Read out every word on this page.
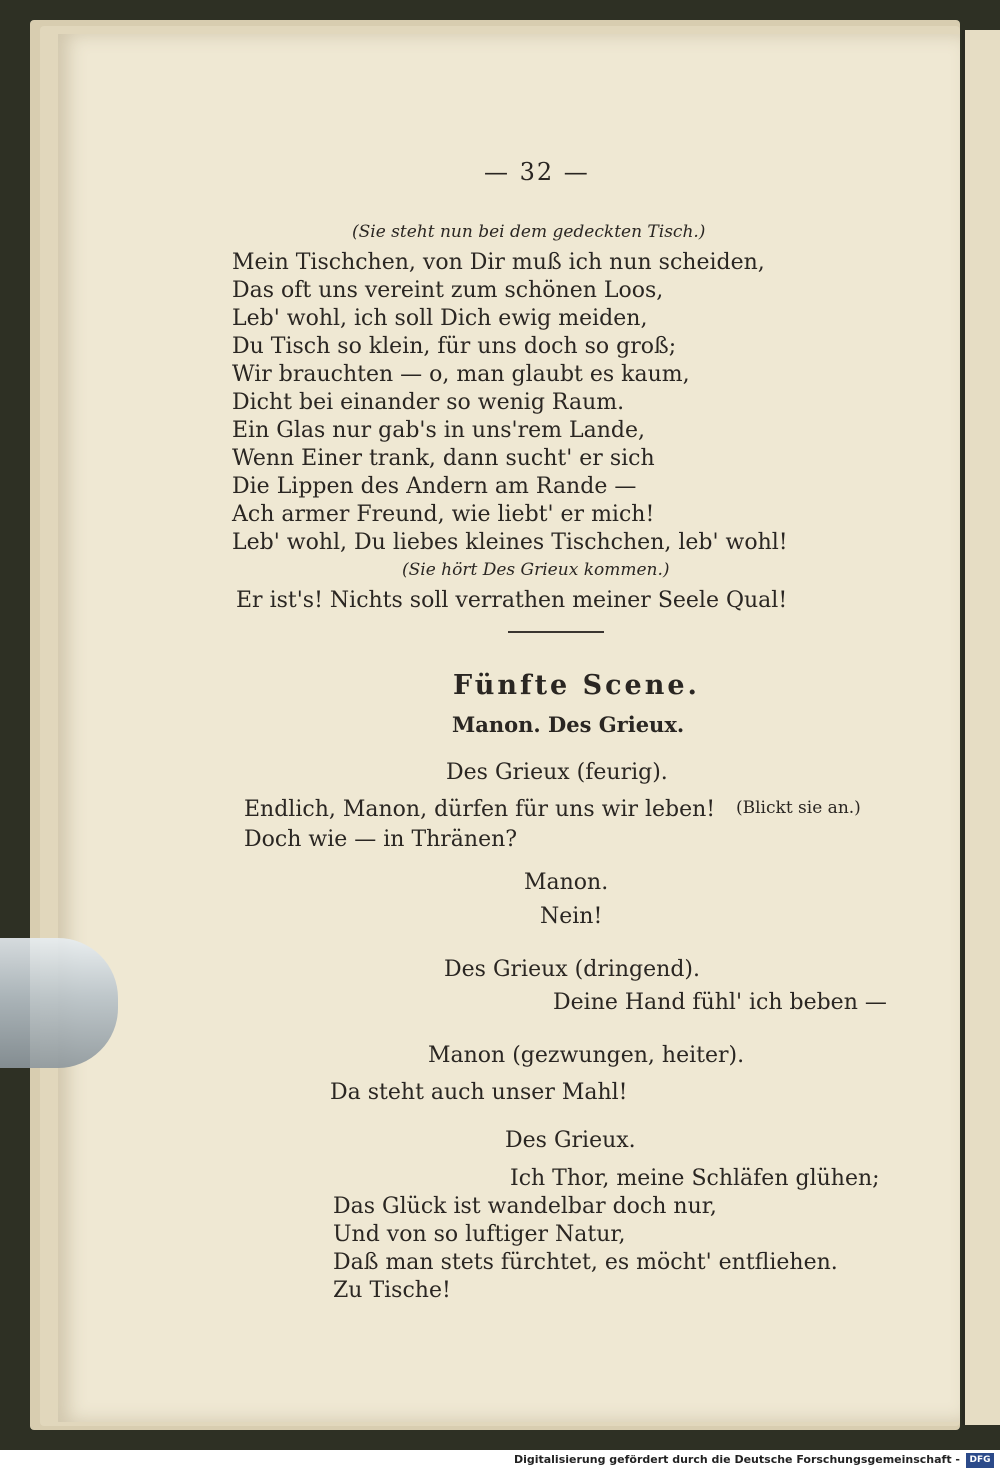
— 32 —
(Sie steht nun bei dem gedeckten Tisch.)
Mein Tischchen, von Dir muß ich nun scheiden,
Das oft uns vereint zum schönen Loos,
Leb' wohl, ich soll Dich ewig meiden,
Du Tisch so klein, für uns doch so groß;
Wir brauchten — o, man glaubt es kaum,
Dicht bei einander so wenig Raum.
Ein Glas nur gab's in uns'rem Lande,
Wenn Einer trank, dann sucht' er sich
Die Lippen des Andern am Rande —
Ach armer Freund, wie liebt' er mich!
Leb' wohl, Du liebes kleines Tischchen, leb' wohl!
(Sie hört Des Grieux kommen.)
Er ist's! Nichts soll verrathen meiner Seele Qual!
Fünfte Scene.
Manon. Des Grieux.
Des Grieux (feurig).
Endlich, Manon, dürfen für uns wir leben! (Blickt sie an.)
Doch wie — in Thränen?
Manon.
Nein!
Des Grieux (dringend).
Deine Hand fühl' ich beben —
Manon (gezwungen, heiter).
Da steht auch unser Mahl!
Des Grieux.
Ich Thor, meine Schläfen glühen;
Das Glück ist wandelbar doch nur,
Und von so luftiger Natur,
Daß man stets fürchtet, es möcht' entfliehen.
Zu Tische!
Digitalisierung gefördert durch die Deutsche Forschungsgemeinschaft -	DFG
